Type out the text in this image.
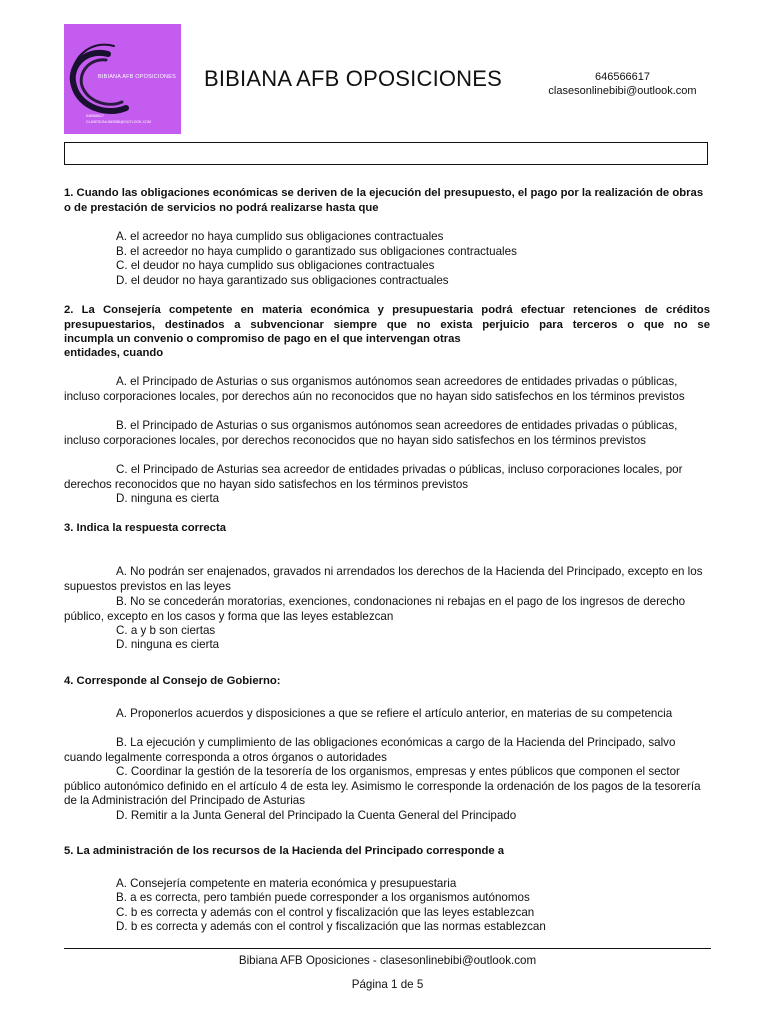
BIBIANA AFB OPOSICIONES
646566617
CLASESONLINEBIBI@OUTLOOK.COM
BIBIANA AFB OPOSICIONES	646566617
clasesonlinebibi@outlook.com
1. Cuando las obligaciones económicas se deriven de la ejecución del presupuesto, el pago por la realización de obras o de prestación de servicios no podrá realizarse hasta que
A. el acreedor no haya cumplido sus obligaciones contractuales
B. el acreedor no haya cumplido o garantizado sus obligaciones contractuales
C. el deudor no haya cumplido sus obligaciones contractuales
D. el deudor no haya garantizado sus obligaciones contractuales
2. La Consejería competente en materia económica y presupuestaria podrá efectuar retenciones de créditos
presupuestarios, destinados a subvencionar siempre que no exista perjuicio para terceros o que no se
incumpla un convenio o compromiso de pago en el que intervengan otras
entidades, cuando
A. el Principado de Asturias o sus organismos autónomos sean acreedores de entidades privadas o públicas, incluso corporaciones locales, por derechos aún no reconocidos que no hayan sido satisfechos en los términos previstos
B. el Principado de Asturias o sus organismos autónomos sean acreedores de entidades privadas o públicas, incluso corporaciones locales, por derechos reconocidos que no hayan sido satisfechos en los términos previstos
C. el Principado de Asturias sea acreedor de entidades privadas o públicas, incluso corporaciones locales, por derechos reconocidos que no hayan sido satisfechos en los términos previstos
D. ninguna es cierta
3. Indica la respuesta correcta
A. No podrán ser enajenados, gravados ni arrendados los derechos de la Hacienda del Principado, excepto en los supuestos previstos en las leyes
B. No se concederán moratorias, exenciones, condonaciones ni rebajas en el pago de los ingresos de derecho público, excepto en los casos y forma que las leyes establezcan
C. a y b son ciertas
D. ninguna es cierta
4. Corresponde al Consejo de Gobierno:
A. Proponerlos acuerdos y disposiciones a que se refiere el artículo anterior, en materias de su competencia
B. La ejecución y cumplimiento de las obligaciones económicas a cargo de la Hacienda del Principado, salvo cuando legalmente corresponda a otros órganos o autoridades
C. Coordinar la gestión de la tesorería de los organismos, empresas y entes públicos que componen el sector público autonómico definido en el artículo 4 de esta ley. Asimismo le corresponde la ordenación de los pagos de la tesorería de la Administración del Principado de Asturias
D. Remitir a la Junta General del Principado la Cuenta General del Principado
5. La administración de los recursos de la Hacienda del Principado corresponde a
A. Consejería competente en materia económica y presupuestaria
B. a es correcta, pero también puede corresponder a los organismos autónomos
C. b es correcta y además con el control y fiscalización que las leyes establezcan
D. b es correcta y además con el control y fiscalización que las normas establezcan
Bibiana AFB Oposiciones - clasesonlinebibi@outlook.com
Página 1 de 5
